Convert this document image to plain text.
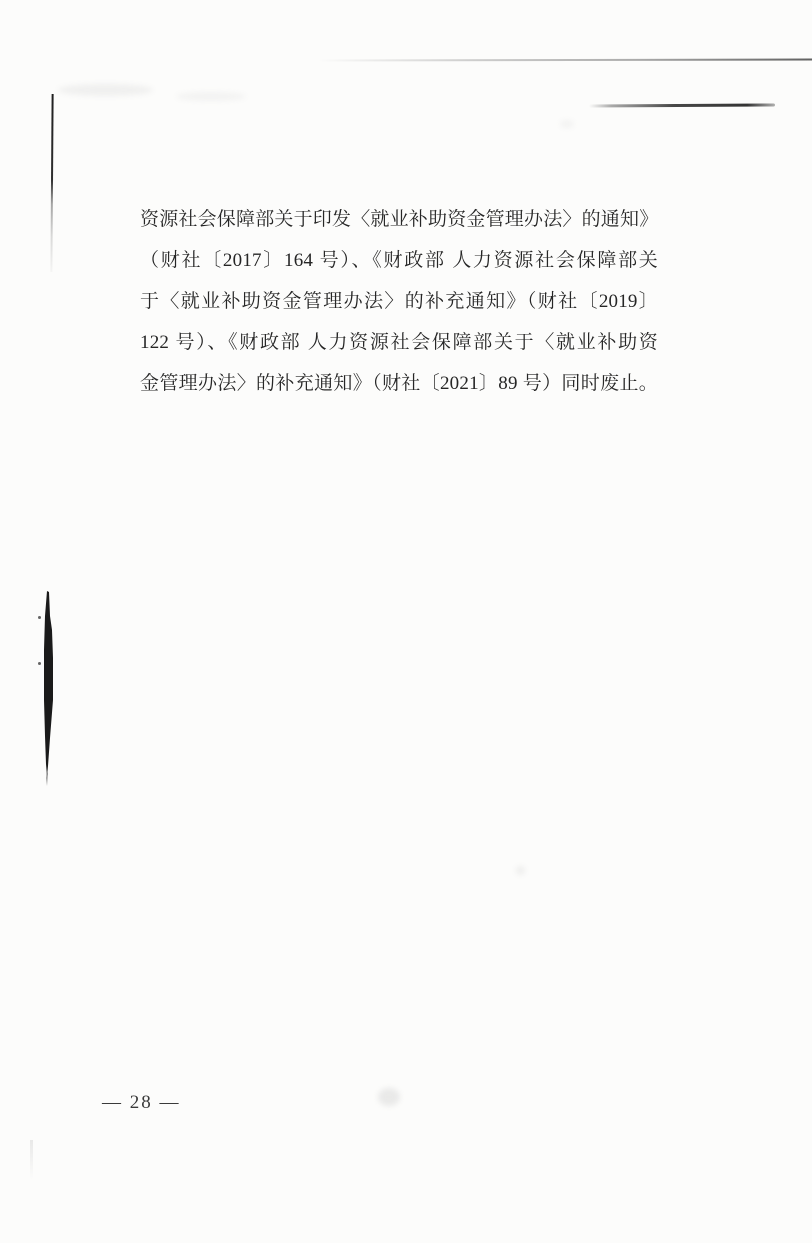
资源社会保障部关于印发〈就业补助资金管理办法〉的通知》
（财社〔2017〕164 号）、《财政部 人力资源社会保障部关
于〈就业补助资金管理办法〉的补充通知》（财社〔2019〕
122 号）、《财政部 人力资源社会保障部关于〈就业补助资
金管理办法〉的补充通知》（财社〔2021〕89 号）同时废止。
— 28 —
